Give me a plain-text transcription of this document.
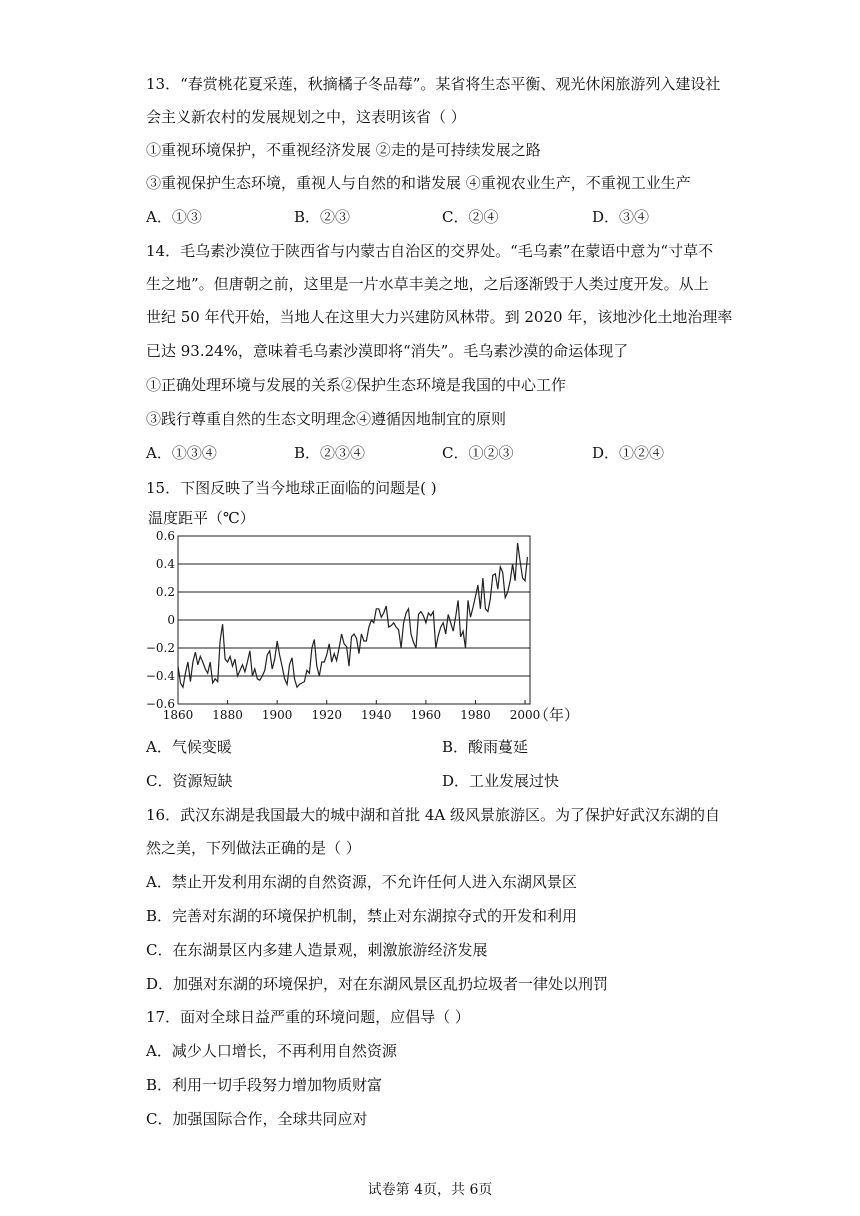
13．“春赏桃花夏采莲，秋摘橘子冬品莓”。某省将生态平衡、观光休闲旅游列入建设社
会主义新农村的发展规划之中，这表明该省（ ）
①重视环境保护，不重视经济发展 ②走的是可持续发展之路
③重视保护生态环境，重视人与自然的和谐发展 ④重视农业生产，不重视工业生产
A．①③	B．②③	C．②④	D．③④
14．毛乌素沙漠位于陕西省与内蒙古自治区的交界处。“毛乌素”在蒙语中意为“寸草不
生之地”。但唐朝之前，这里是一片水草丰美之地，之后逐渐毁于人类过度开发。从上
世纪 50 年代开始，当地人在这里大力兴建防风林带。到 2020 年，该地沙化土地治理率
已达 93.24%，意味着毛乌素沙漠即将“消失”。毛乌素沙漠的命运体现了
①正确处理环境与发展的关系②保护生态环境是我国的中心工作
③践行尊重自然的生态文明理念④遵循因地制宜的原则
A．①③④	B．②③④	C．①②③	D．①②④
15．下图反映了当今地球正面临的问题是( )
温度距平（℃）
0.6
0.4
0.2
0
−0.2
−0.4
−0.6
1860 1880 1900 1920 1940 1960 1980 2000
（年）
A．气候变暖	B．酸雨蔓延
C．资源短缺	D．工业发展过快
16．武汉东湖是我国最大的城中湖和首批 4A 级风景旅游区。为了保护好武汉东湖的自
然之美，下列做法正确的是（ ）
A．禁止开发利用东湖的自然资源，不允许任何人进入东湖风景区
B．完善对东湖的环境保护机制，禁止对东湖掠夺式的开发和利用
C．在东湖景区内多建人造景观，刺激旅游经济发展
D．加强对东湖的环境保护，对在东湖风景区乱扔垃圾者一律处以刑罚
17．面对全球日益严重的环境问题，应倡导（ ）
A．减少人口增长，不再利用自然资源
B．利用一切手段努力增加物质财富
C．加强国际合作，全球共同应对
试卷第 4页，共 6页
